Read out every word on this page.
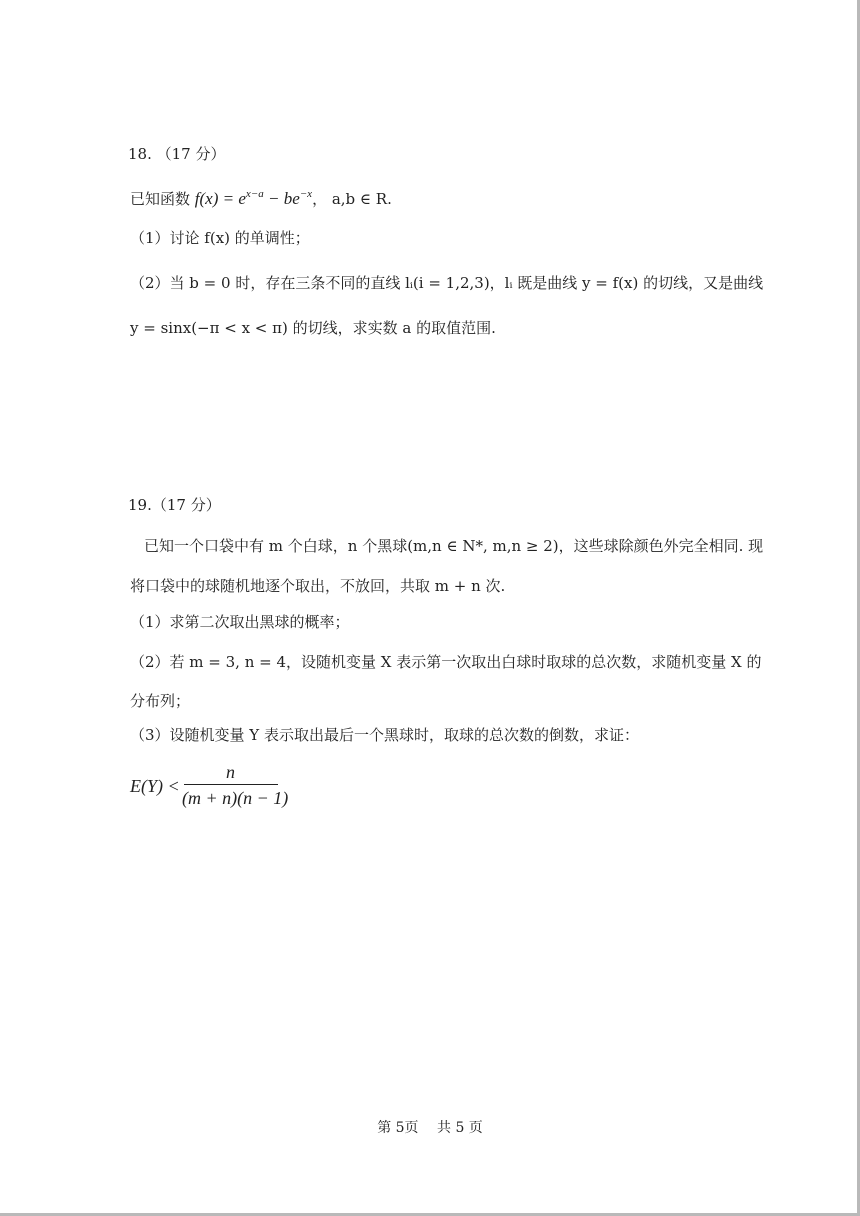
18. （17 分）
已知函数 $f(x) = e^{x-a} - be^{-x}$， a,b ∈ R.
（1）讨论 f(x) 的单调性；
（2）当 b = 0 时，存在三条不同的直线 lᵢ(i = 1,2,3)，lᵢ 既是曲线 y = f(x) 的切线，又是曲线
y = sinx(−π < x < π) 的切线，求实数 a 的取值范围.
19.（17 分）
已知一个口袋中有 m 个白球，n 个黑球(m,n ∈ N*, m,n ≥ 2)，这些球除颜色外完全相同. 现
将口袋中的球随机地逐个取出，不放回，共取 m + n 次.
（1）求第二次取出黑球的概率；
（2）若 m = 3, n = 4，设随机变量 X 表示第一次取出白球时取球的总次数，求随机变量 X 的
分布列；
（3）设随机变量 Y 表示取出最后一个黑球时，取球的总次数的倒数，求证：
E(Y) <
n
(m + n)(n − 1)
第 5页　 共 5 页
